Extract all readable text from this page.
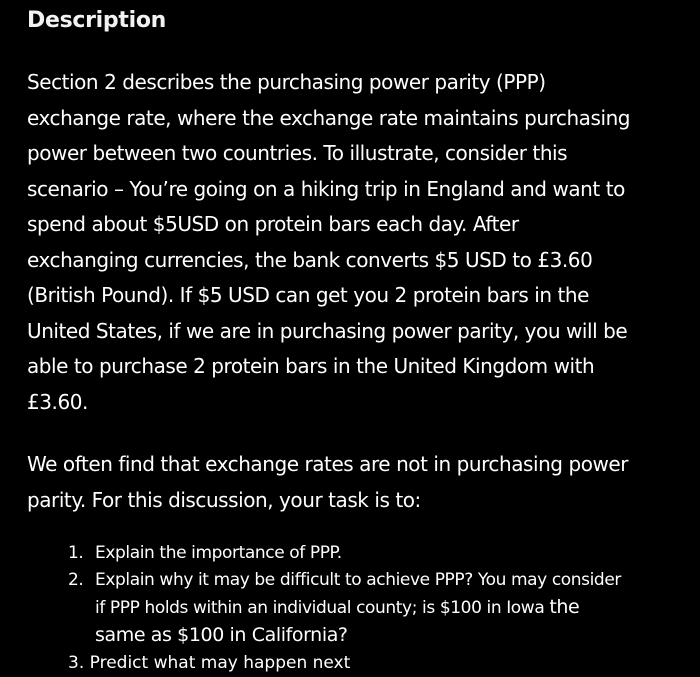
Description

Section 2 describes the purchasing power parity (PPP)
exchange rate, where the exchange rate maintains purchasing
power between two countries. To illustrate, consider this
scenario – You’re going on a hiking trip in England and want to
spend about $5USD on protein bars each day. After
exchanging currencies, the bank converts $5 USD to £3.60
(British Pound). If $5 USD can get you 2 protein bars in the
United States, if we are in purchasing power parity, you will be
able to purchase 2 protein bars in the United Kingdom with
£3.60.

We often find that exchange rates are not in purchasing power
parity. For this discussion, your task is to:

1. Explain the importance of PPP.
2. Explain why it may be difficult to achieve PPP? You may consider
if PPP holds within an individual county; is $100 in Iowa the
same as $100 in California?
3. Predict what may happen next
